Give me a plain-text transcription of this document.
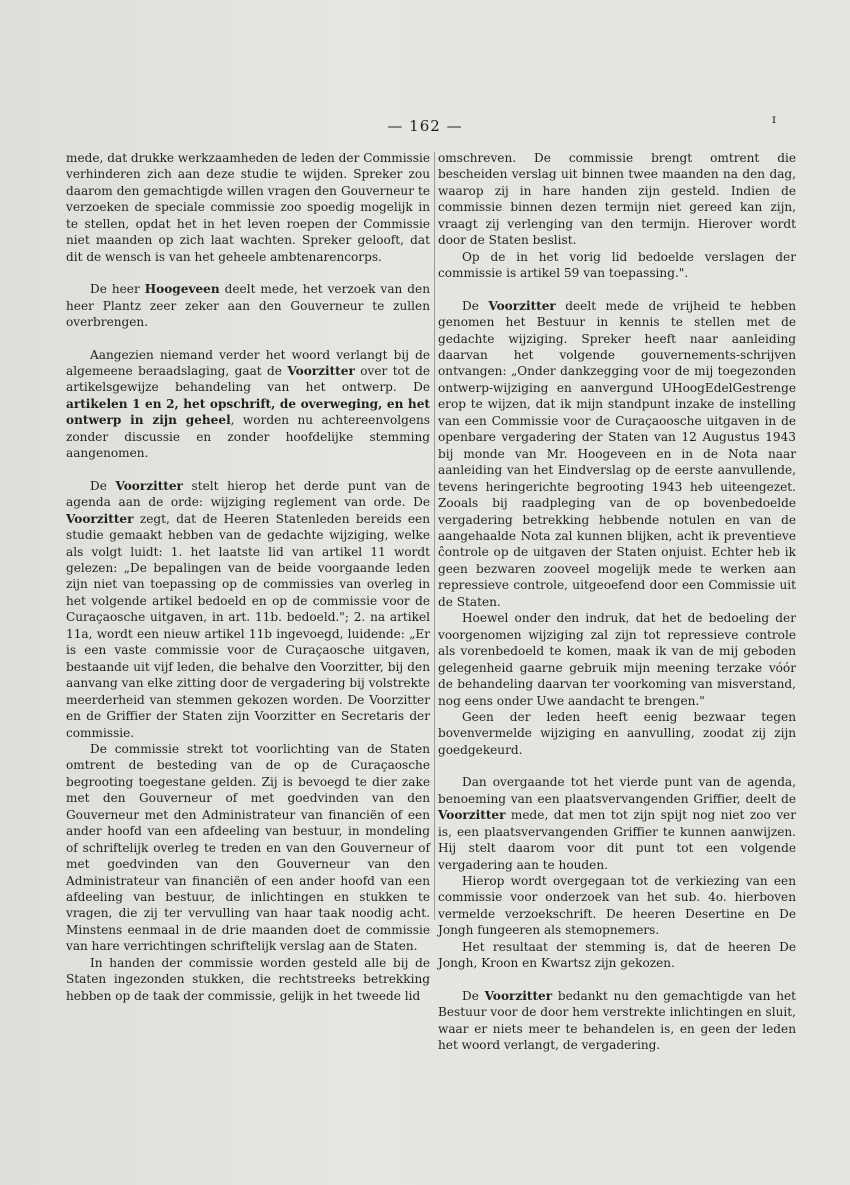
— 162 —	ɪ

mede, dat drukke werkzaamheden de leden der Commissie verhinderen zich aan deze studie te wijden. Spreker zou daarom den gemachtigde willen vragen den Gouverneur te verzoeken de speciale commissie zoo spoedig mogelijk in te stellen, opdat het in het leven roepen der Commissie niet maanden op zich laat wachten. Spreker gelooft, dat dit de wensch is van het geheele ambtenarencorps.

De heer Hoogeveen deelt mede, het verzoek van den heer Plantz zeer zeker aan den Gouverneur te zullen overbrengen.

Aangezien niemand verder het woord verlangt bij de algemeene beraadslaging, gaat de Voorzitter over tot de artikelsgewijze behandeling van het ontwerp. De artikelen 1 en 2, het opschrift, de overweging, en het ontwerp in zijn geheel, worden nu achtereenvolgens zonder discussie en zonder hoofdelijke stemming aangenomen.

De Voorzitter stelt hierop het derde punt van de agenda aan de orde: wijziging reglement van orde. De Voorzitter zegt, dat de Heeren Statenleden bereids een studie gemaakt hebben van de gedachte wijziging, welke als volgt luidt: 1. het laatste lid van artikel 11 wordt gelezen: „De bepalingen van de beide voorgaande leden zijn niet van toepassing op de commissies van overleg in het volgende artikel bedoeld en op de commissie voor de Curaçaosche uitgaven, in art. 11b. bedoeld."; 2. na artikel 11a, wordt een nieuw artikel 11b ingevoegd, luidende: „Er is een vaste commissie voor de Curaçaosche uitgaven, bestaande uit vijf leden, die behalve den Voorzitter, bij den aanvang van elke zitting door de vergadering bij volstrekte meerderheid van stemmen gekozen worden. De Voorzitter en de Griffier der Staten zijn Voorzitter en Secretaris der commissie.

De commissie strekt tot voorlichting van de Staten omtrent de besteding van de op de Curaçaosche begrooting toegestane gelden. Zij is bevoegd te dier zake met den Gouverneur of met goedvinden van den Gouverneur met den Administrateur van financiën of een ander hoofd van een afdeeling van bestuur, in mondeling of schriftelijk overleg te treden en van den Gouverneur of met goedvinden van den Gouverneur van den Administrateur van financiën of een ander hoofd van een afdeeling van bestuur, de inlichtingen en stukken te vragen, die zij ter vervulling van haar taak noodig acht. Minstens eenmaal in de drie maanden doet de commissie van hare verrichtingen schriftelijk verslag aan de Staten.

In handen der commissie worden gesteld alle bij de Staten ingezonden stukken, die rechtstreeks betrekking hebben op de taak der commissie, gelijk in het tweede lid

omschreven. De commissie brengt omtrent die bescheiden verslag uit binnen twee maanden na den dag, waarop zij in hare handen zijn gesteld. Indien de commissie binnen dezen termijn niet gereed kan zijn, vraagt zij verlenging van den termijn. Hierover wordt door de Staten beslist.

Op de in het vorig lid bedoelde verslagen der commissie is artikel 59 van toepassing.".

De Voorzitter deelt mede de vrijheid te hebben genomen het Bestuur in kennis te stellen met de gedachte wijziging. Spreker heeft naar aanleiding daarvan het volgende gouvernements-schrijven ontvangen: „Onder dankzegging voor de mij toegezonden ontwerp-wijziging en aanvergund UHoogEdelGestrenge erop te wijzen, dat ik mijn standpunt inzake de instelling van een Commissie voor de Curaçaoosche uitgaven in de openbare vergadering der Staten van 12 Augustus 1943 bij monde van Mr. Hoogeveen en in de Nota naar aanleiding van het Eindverslag op de eerste aanvullende, tevens heringerichte begrooting 1943 heb uiteengezet. Zooals bij raadpleging van de op bovenbedoelde vergadering betrekking hebbende notulen en van de aangehaalde Nota zal kunnen blijken, acht ik preventieve ĉontrole op de uitgaven der Staten onjuist. Echter heb ik geen bezwaren zooveel mogelijk mede te werken aan repressieve controle, uitgeoefend door een Commissie uit de Staten.

Hoewel onder den indruk, dat het de bedoeling der voorgenomen wijziging zal zijn tot repressieve controle als vorenbedoeld te komen, maak ik van de mij geboden gelegenheid gaarne gebruik mijn meening terzake vóór de behandeling daarvan ter voorkoming van misverstand, nog eens onder Uwe aandacht te brengen."

Geen der leden heeft eenig bezwaar tegen bovenvermelde wijziging en aanvulling, zoodat zij zijn goedgekeurd.

Dan overgaande tot het vierde punt van de agenda, benoeming van een plaatsvervangenden Griffier, deelt de Voorzitter mede, dat men tot zijn spijt nog niet zoo ver is, een plaatsvervangenden Griffier te kunnen aanwijzen. Hij stelt daarom voor dit punt tot een volgende vergadering aan te houden.

Hierop wordt overgegaan tot de verkiezing van een commissie voor onderzoek van het sub. 4o. hierboven vermelde verzoekschrift. De heeren Desertine en De Jongh fungeeren als stemopnemers.

Het resultaat der stemming is, dat de heeren De Jongh, Kroon en Kwartsz zijn gekozen.

De Voorzitter bedankt nu den gemachtigde van het Bestuur voor de door hem verstrekte inlichtingen en sluit, waar er niets meer te behandelen is, en geen der leden het woord verlangt, de vergadering.
